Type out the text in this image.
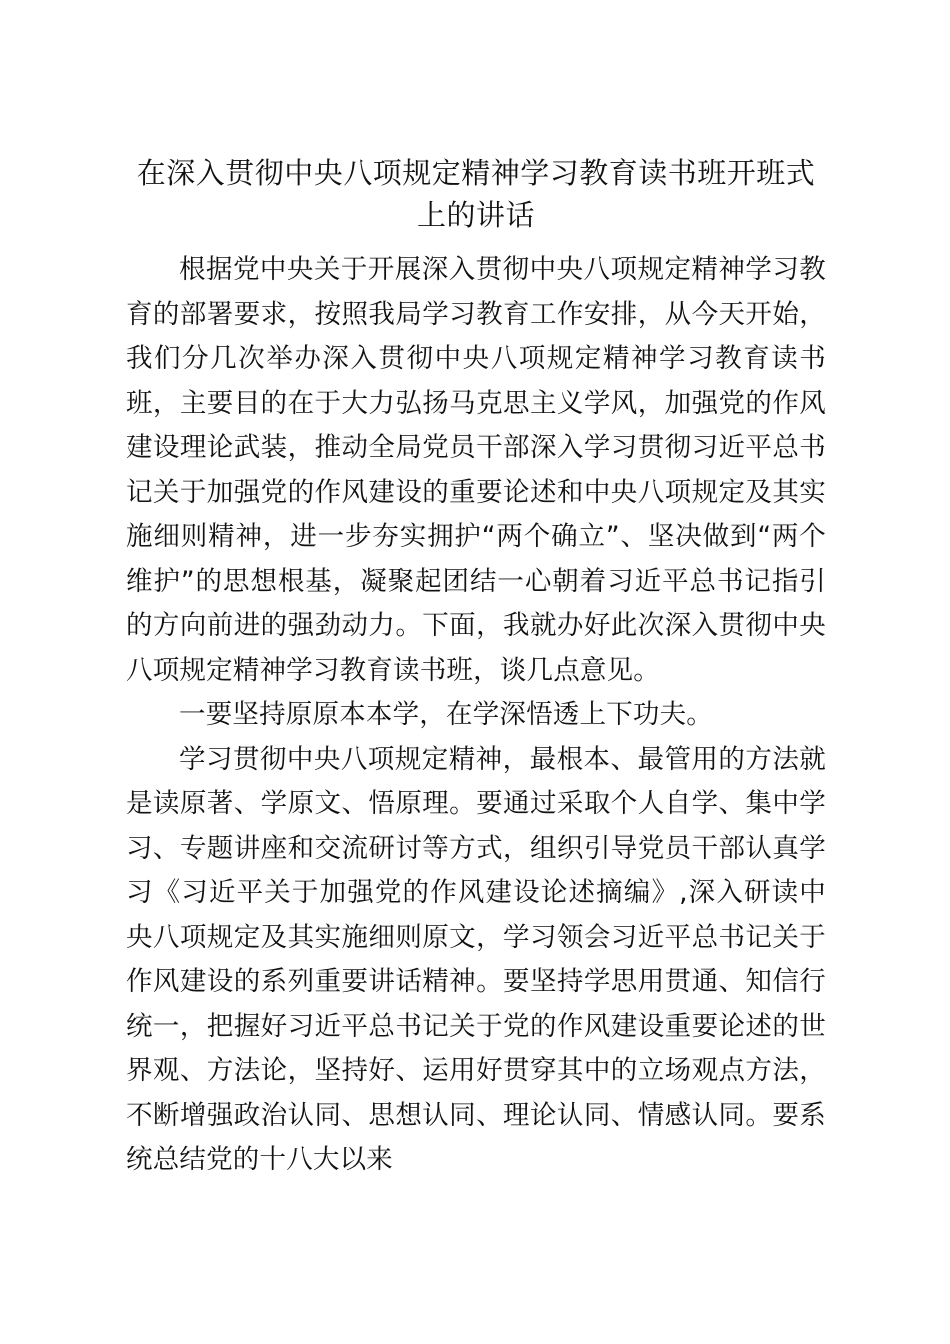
在深入贯彻中央八项规定精神学习教育读书班开班式上的讲话

根据党中央关于开展深入贯彻中央八项规定精神学习教育的部署要求，按照我局学习教育工作安排，从今天开始，我们分几次举办深入贯彻中央八项规定精神学习教育读书班，主要目的在于大力弘扬马克思主义学风，加强党的作风建设理论武装，推动全局党员干部深入学习贯彻习近平总书记关于加强党的作风建设的重要论述和中央八项规定及其实施细则精神，进一步夯实拥护“两个确立”、坚决做到“两个维护”的思想根基，凝聚起团结一心朝着习近平总书记指引的方向前进的强劲动力。下面，我就办好此次深入贯彻中央八项规定精神学习教育读书班，谈几点意见。

一要坚持原原本本学，在学深悟透上下功夫。

学习贯彻中央八项规定精神，最根本、最管用的方法就是读原著、学原文、悟原理。要通过采取个人自学、集中学习、专题讲座和交流研讨等方式，组织引导党员干部认真学习《习近平关于加强党的作风建设论述摘编》,深入研读中央八项规定及其实施细则原文，学习领会习近平总书记关于作风建设的系列重要讲话精神。要坚持学思用贯通、知信行统一，把握好习近平总书记关于党的作风建设重要论述的世界观、方法论，坚持好、运用好贯穿其中的立场观点方法，不断增强政治认同、思想认同、理论认同、情感认同。要系统总结党的十八大以来
